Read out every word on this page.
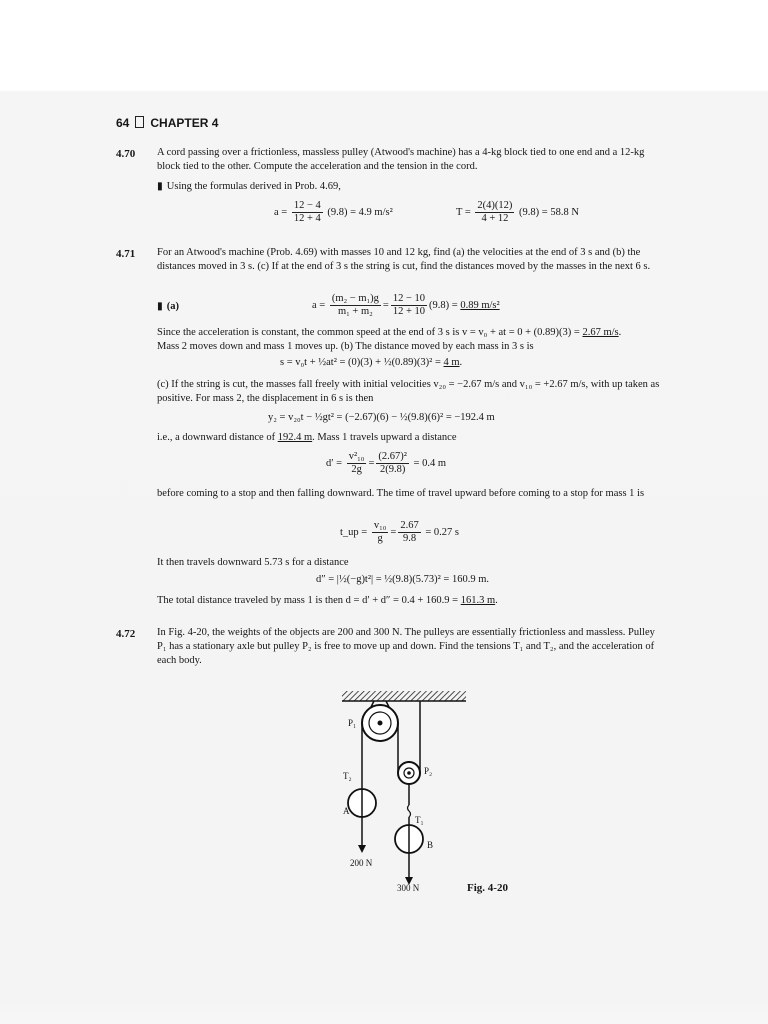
64 CHAPTER 4
4.70 A cord passing over a frictionless, massless pulley (Atwood's machine) has a 4-kg block tied to one end and a 12-kg block tied to the other. Compute the acceleration and the tension in the cord.
▮ Using the formulas derived in Prob. 4.69,
$a = \frac{12 - 4}{12 + 4} (9.8) = 4.9$ m/s²	$T = \frac{2(4)(12)}{4 + 12} (9.8) = 58.8$ N
4.71 For an Atwood's machine (Prob. 4.69) with masses 10 and 12 kg, find (a) the velocities at the end of 3 s and (b) the distances moved in 3 s. (c) If at the end of 3 s the string is cut, find the distances moved by the masses in the next 6 s.
▮ (a)	$a = \frac{\text{(m₂ − m₁)g}}{\text{m₁ + m₂}} = \frac{12 - 10}{12 + 10} (9.8) = 0.89$ m/s²
Since the acceleration is constant, the common speed at the end of 3 s is v = v₀ + at = 0 + (0.89)(3) = 2.67 m/s.
Mass 2 moves down and mass 1 moves up. (b) The distance moved by each mass in 3 s is
s = v₀t + ½at² = (0)(3) + ½(0.89)(3)² = 4 m.
(c) If the string is cut, the masses fall freely with initial velocities v₂₀ = −2.67 m/s and v₁₀ = +2.67 m/s, with up taken as positive. For mass 2, the displacement in 6 s is then
y₂ = v₂₀t − ½gt² = (−2.67)(6) − ½(9.8)(6)² = −192.4 m
i.e., a downward distance of 192.4 m. Mass 1 travels upward a distance
$d' = \frac{\text{v²₁₀}}{2g} = \frac{\text{(2.67)²}}{2(9.8)} = 0.4$ m
before coming to a stop and then falling downward. The time of travel upward before coming to a stop for mass 1 is
t_up = $\frac{\text{v₁₀}}{g} = \frac{2.67}{9.8} = 0.27$ s
It then travels downward 5.73 s for a distance
d″ = |½(−g)t²| = ½(9.8)(5.73)² = 160.9 m.
The total distance traveled by mass 1 is then d = d′ + d″ = 0.4 + 160.9 = 161.3 m.
4.72 In Fig. 4-20, the weights of the objects are 200 and 300 N. The pulleys are essentially frictionless and massless. Pulley P₁ has a stationary axle but pulley P₂ is free to move up and down. Find the tensions T₁ and T₂, and the acceleration of each body.
P₁
P₂
T₂
T₁
A
B
200 N
300 N	Fig. 4-20
